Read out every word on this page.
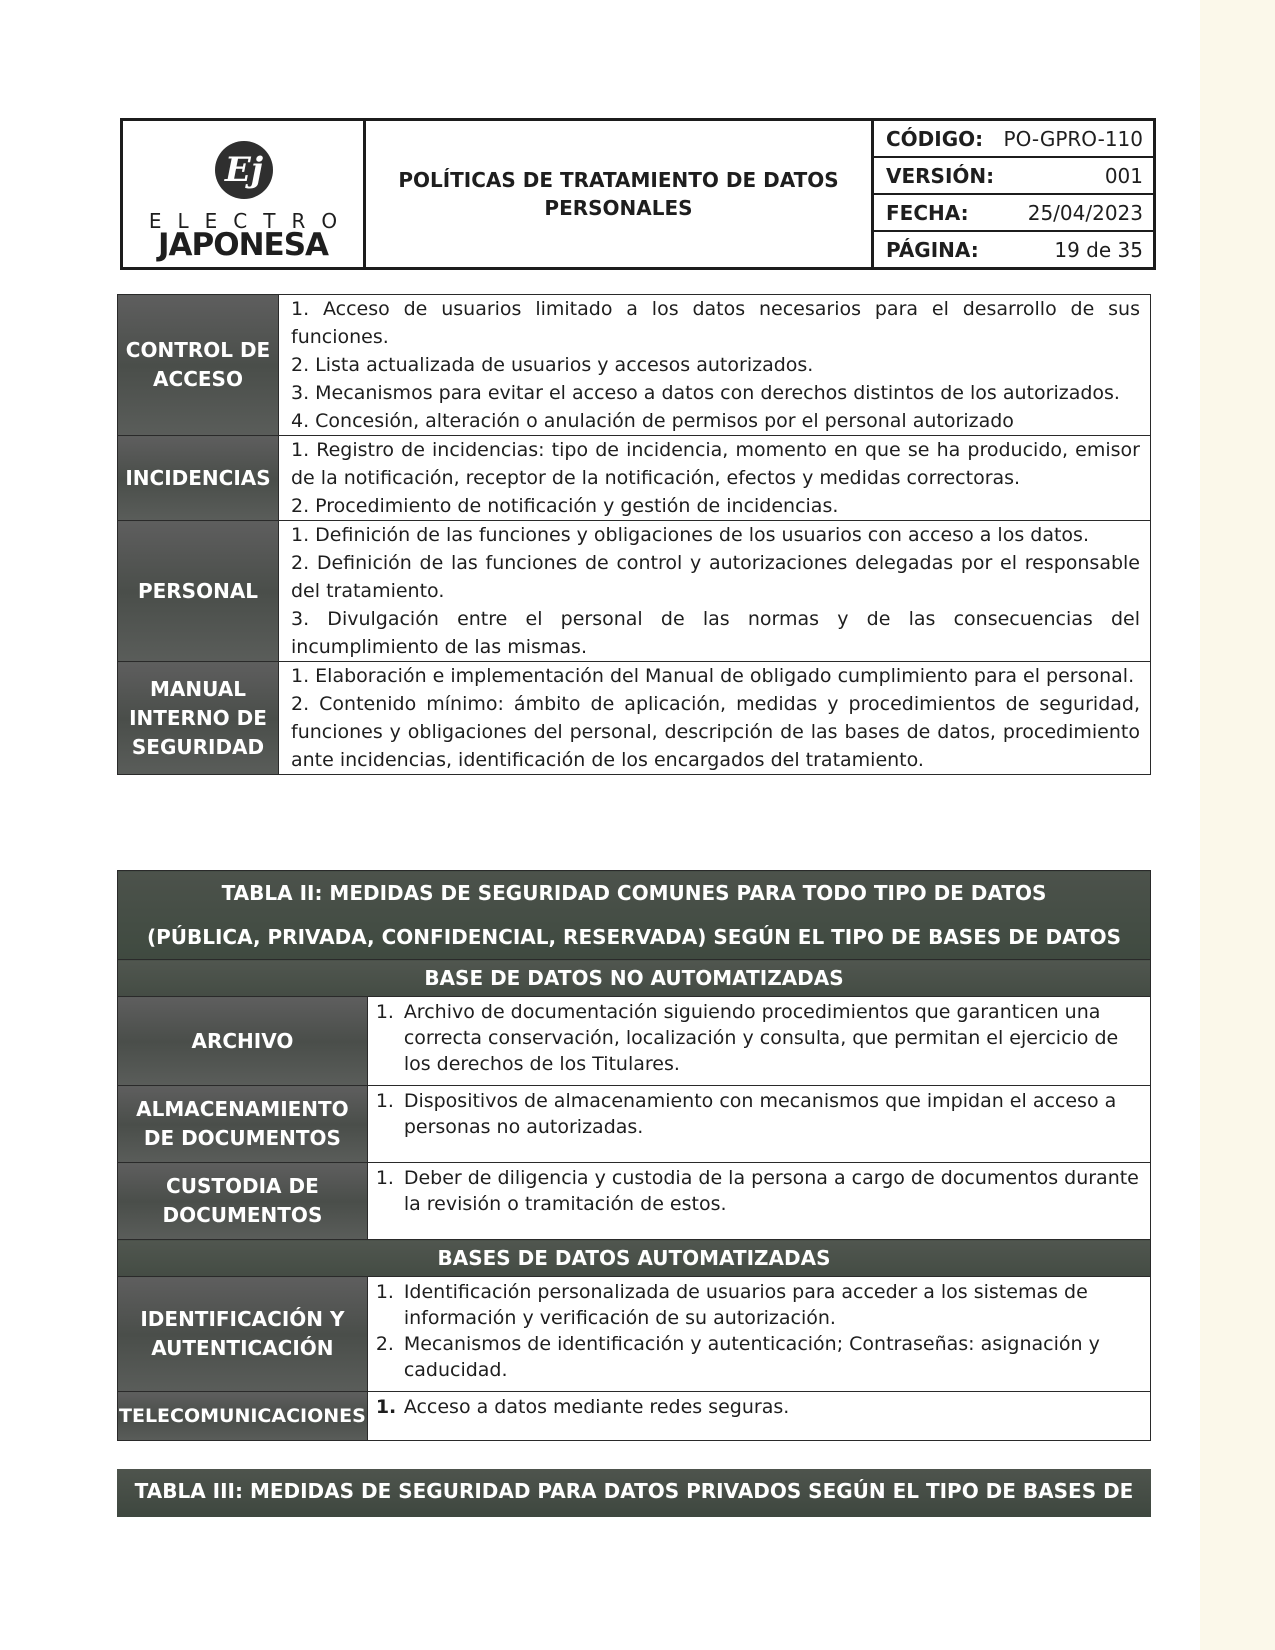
Ej
ELECTRO
JAPONESA
POLÍTICAS DE TRATAMIENTO DE DATOS PERSONALES
CÓDIGO: PO-GPRO-110
VERSIÓN:	001
FECHA:	25/04/2023
PÁGINA:	19 de 35
CONTROL DE ACCESO	1. Acceso de usuarios limitado a los datos necesarios para el desarrollo de sus funciones.

2. Lista actualizada de usuarios y accesos autorizados.

3. Mecanismos para evitar el acceso a datos con derechos distintos de los autorizados.

4. Concesión, alteración o anulación de permisos por el personal autorizado

INCIDENCIAS	1. Registro de incidencias: tipo de incidencia, momento en que se ha producido, emisor de la notificación, receptor de la notificación, efectos y medidas correctoras.

2. Procedimiento de notificación y gestión de incidencias.

PERSONAL	1. Definición de las funciones y obligaciones de los usuarios con acceso a los datos.

2. Definición de las funciones de control y autorizaciones delegadas por el responsable del tratamiento.

3. Divulgación entre el personal de las normas y de las consecuencias del incumplimiento de las mismas.

MANUAL INTERNO DE SEGURIDAD	1. Elaboración e implementación del Manual de obligado cumplimiento para el personal.

2. Contenido mínimo: ámbito de aplicación, medidas y procedimientos de seguridad, funciones y obligaciones del personal, descripción de las bases de datos, procedimiento ante incidencias, identificación de los encargados del tratamiento.

TABLA II: MEDIDAS DE SEGURIDAD COMUNES PARA TODO TIPO DE DATOS
(PÚBLICA, PRIVADA, CONFIDENCIAL, RESERVADA) SEGÚN EL TIPO DE BASES DE DATOS	

BASE DE DATOS NO AUTOMATIZADAS	
ARCHIVO	1. Archivo de documentación siguiendo procedimientos que garanticen una correcta conservación, localización y consulta, que permitan el ejercicio de los derechos de los Titulares.

ALMACENAMIENTO DE DOCUMENTOS	1. Dispositivos de almacenamiento con mecanismos que impidan el acceso a personas no autorizadas.

CUSTODIA DE DOCUMENTOS	1. Deber de diligencia y custodia de la persona a cargo de documentos durante la revisión o tramitación de estos.

BASES DE DATOS AUTOMATIZADAS	
IDENTIFICACIÓN Y AUTENTICACIÓN	1. Identificación personalizada de usuarios para acceder a los sistemas de información y verificación de su autorización.
2. Mecanismos de identificación y autenticación; Contraseñas: asignación y caducidad.

TELECOMUNICACIONES	1. Acceso a datos mediante redes seguras.
TABLA III: MEDIDAS DE SEGURIDAD PARA DATOS PRIVADOS SEGÚN EL TIPO DE BASES DE DATOS
